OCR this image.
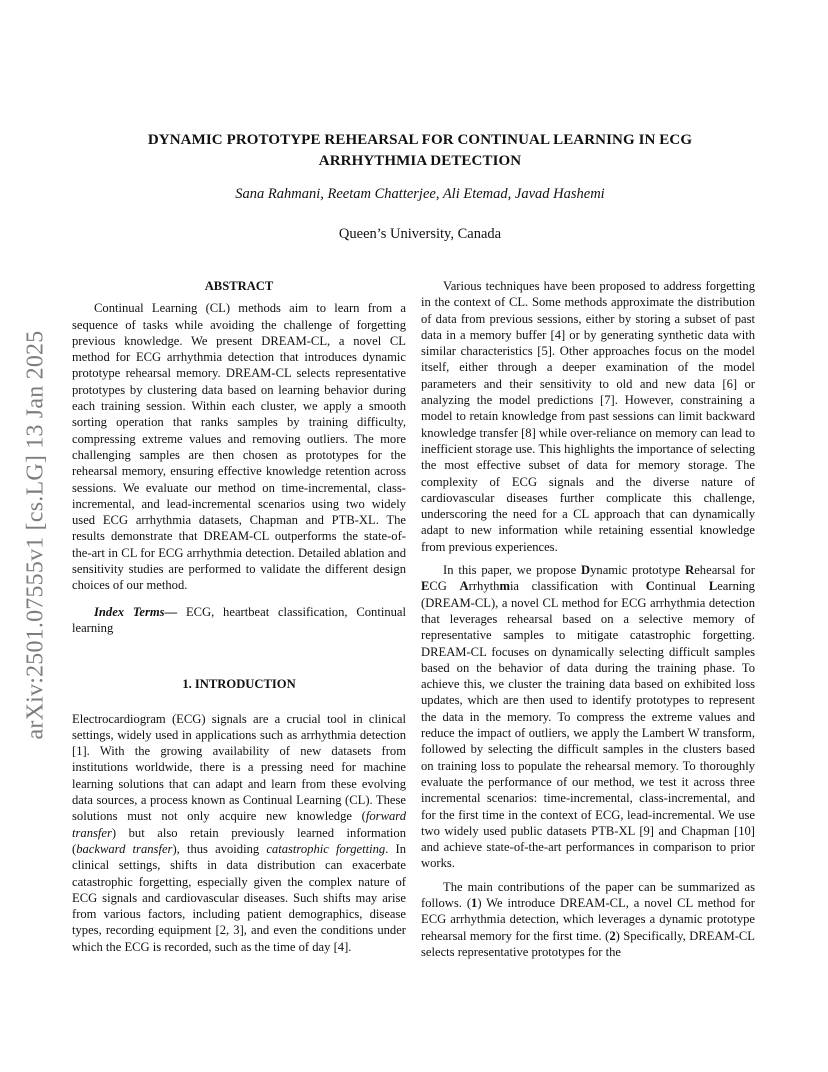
arXiv:2501.07555v1 [cs.LG] 13 Jan 2025
DYNAMIC PROTOTYPE REHEARSAL FOR CONTINUAL LEARNING IN ECG
ARRHYTHMIA DETECTION
Sana Rahmani, Reetam Chatterjee, Ali Etemad, Javad Hashemi
Queen’s University, Canada
ABSTRACT

Continual Learning (CL) methods aim to learn from a sequence of tasks while avoiding the challenge of forgetting previous knowledge. We present DREAM-CL, a novel CL method for ECG arrhythmia detection that introduces dynamic prototype rehearsal memory. DREAM-CL selects representative prototypes by clustering data based on learning behavior during each training session. Within each cluster, we apply a smooth sorting operation that ranks samples by training difficulty, compressing extreme values and removing outliers. The more challenging samples are then chosen as prototypes for the rehearsal memory, ensuring effective knowledge retention across sessions. We evaluate our method on time-incremental, class-incremental, and lead-incremental scenarios using two widely used ECG arrhythmia datasets, Chapman and PTB-XL. The results demonstrate that DREAM-CL outperforms the state-of-the-art in CL for ECG arrhythmia detection. Detailed ablation and sensitivity studies are performed to validate the different design choices of our method.

Index Terms— ECG, heartbeat classification, Continual learning

1. INTRODUCTION

Electrocardiogram (ECG) signals are a crucial tool in clinical settings, widely used in applications such as arrhythmia detection [1]. With the growing availability of new datasets from institutions worldwide, there is a pressing need for machine learning solutions that can adapt and learn from these evolving data sources, a process known as Continual Learning (CL). These solutions must not only acquire new knowledge (forward transfer) but also retain previously learned information (backward transfer), thus avoiding catastrophic forgetting. In clinical settings, shifts in data distribution can exacerbate catastrophic forgetting, especially given the complex nature of ECG signals and cardiovascular diseases. Such shifts may arise from various factors, including patient demographics, disease types, recording equipment [2, 3], and even the conditions under which the ECG is recorded, such as the time of day [4].

Various techniques have been proposed to address forgetting in the context of CL. Some methods approximate the distribution of data from previous sessions, either by storing a subset of past data in a memory buffer [4] or by generating synthetic data with similar characteristics [5]. Other approaches focus on the model itself, either through a deeper examination of the model parameters and their sensitivity to old and new data [6] or analyzing the model predictions [7]. However, constraining a model to retain knowledge from past sessions can limit backward knowledge transfer [8] while over-reliance on memory can lead to inefficient storage use. This highlights the importance of selecting the most effective subset of data for memory storage. The complexity of ECG signals and the diverse nature of cardiovascular diseases further complicate this challenge, underscoring the need for a CL approach that can dynamically adapt to new information while retaining essential knowledge from previous experiences.

In this paper, we propose Dynamic prototype Rehearsal for ECG Arrhythmia classification with Continual Learning (DREAM-CL), a novel CL method for ECG arrhythmia detection that leverages rehearsal based on a selective memory of representative samples to mitigate catastrophic forgetting. DREAM-CL focuses on dynamically selecting difficult samples based on the behavior of data during the training phase. To achieve this, we cluster the training data based on exhibited loss updates, which are then used to identify prototypes to represent the data in the memory. To compress the extreme values and reduce the impact of outliers, we apply the Lambert W transform, followed by selecting the difficult samples in the clusters based on training loss to populate the rehearsal memory. To thoroughly evaluate the performance of our method, we test it across three incremental scenarios: time-incremental, class-incremental, and for the first time in the context of ECG, lead-incremental. We use two widely used public datasets PTB-XL [9] and Chapman [10] and achieve state-of-the-art performances in comparison to prior works.

The main contributions of the paper can be summarized as follows. (1) We introduce DREAM-CL, a novel CL method for ECG arrhythmia detection, which leverages a dynamic prototype rehearsal memory for the first time. (2) Specifically, DREAM-CL selects representative prototypes for the
